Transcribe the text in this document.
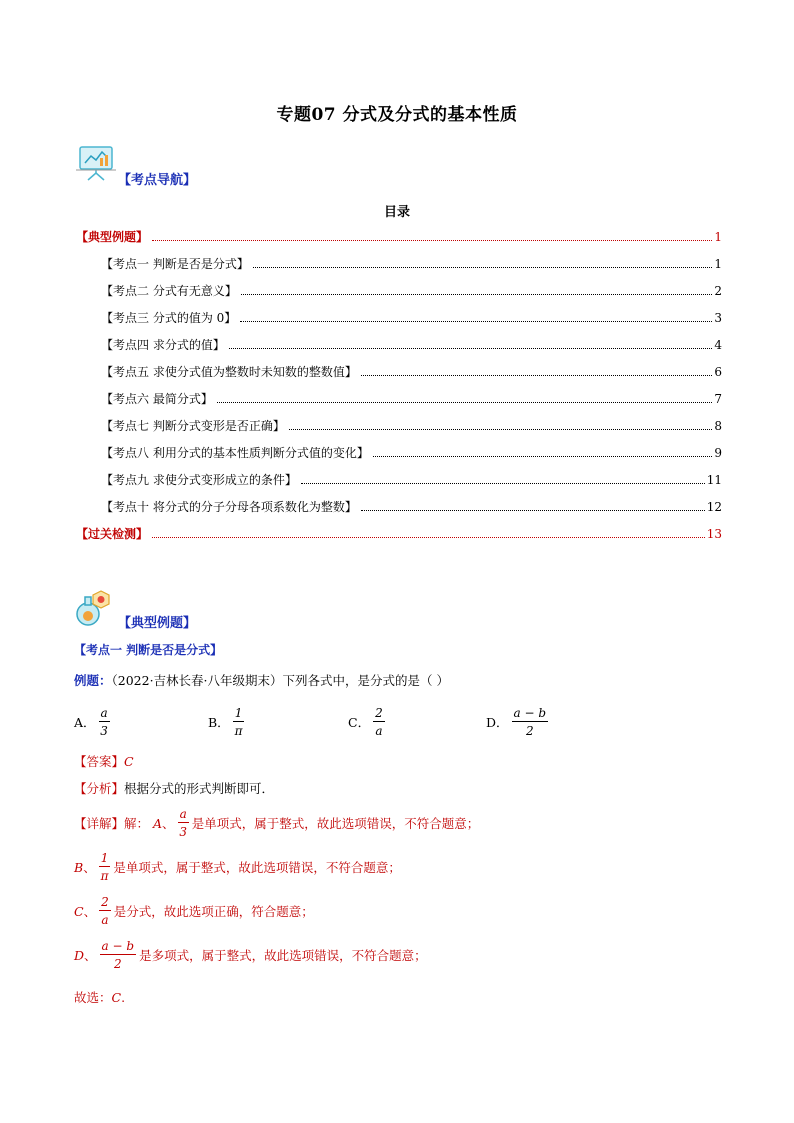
专题07 分式及分式的基本性质
【考点导航】
目录
【典型例题】	1
【考点一 判断是否是分式】	1
【考点二 分式有无意义】	2
【考点三 分式的值为 0】	3
【考点四 求分式的值】	4
【考点五 求使分式值为整数时未知数的整数值】	6
【考点六 最简分式】	7
【考点七 判断分式变形是否正确】	8
【考点八 利用分式的基本性质判断分式值的变化】	9
【考点九 求使分式变形成立的条件】	11
【考点十 将分式的分子分母各项系数化为整数】	12
【过关检测】	13
【典型例题】
【考点一 判断是否是分式】
例题：（2022·吉林长春·八年级期末）下列各式中，是分式的是（ ）
A． $\frac{a}{3}$	B． $\frac{1}{\pi}$	C． $\frac{2}{a}$	D． $\frac{a - b}{2}$
【答案】 C
【分析】 根据分式的形式判断即可．
【详解】 解：
A 、 $\frac{a}{3}$ 是单项式，属于整式，故此选项错误，不符合题意；
B 、 $\frac{1}{\pi}$ 是单项式，属于整式，故此选项错误，不符合题意；
C 、 $\frac{2}{a}$ 是分式，故此选项正确，符合题意；
D 、 $\frac{a - b}{2}$ 是多项式，属于整式，故此选项错误，不符合题意；
故选： C .
